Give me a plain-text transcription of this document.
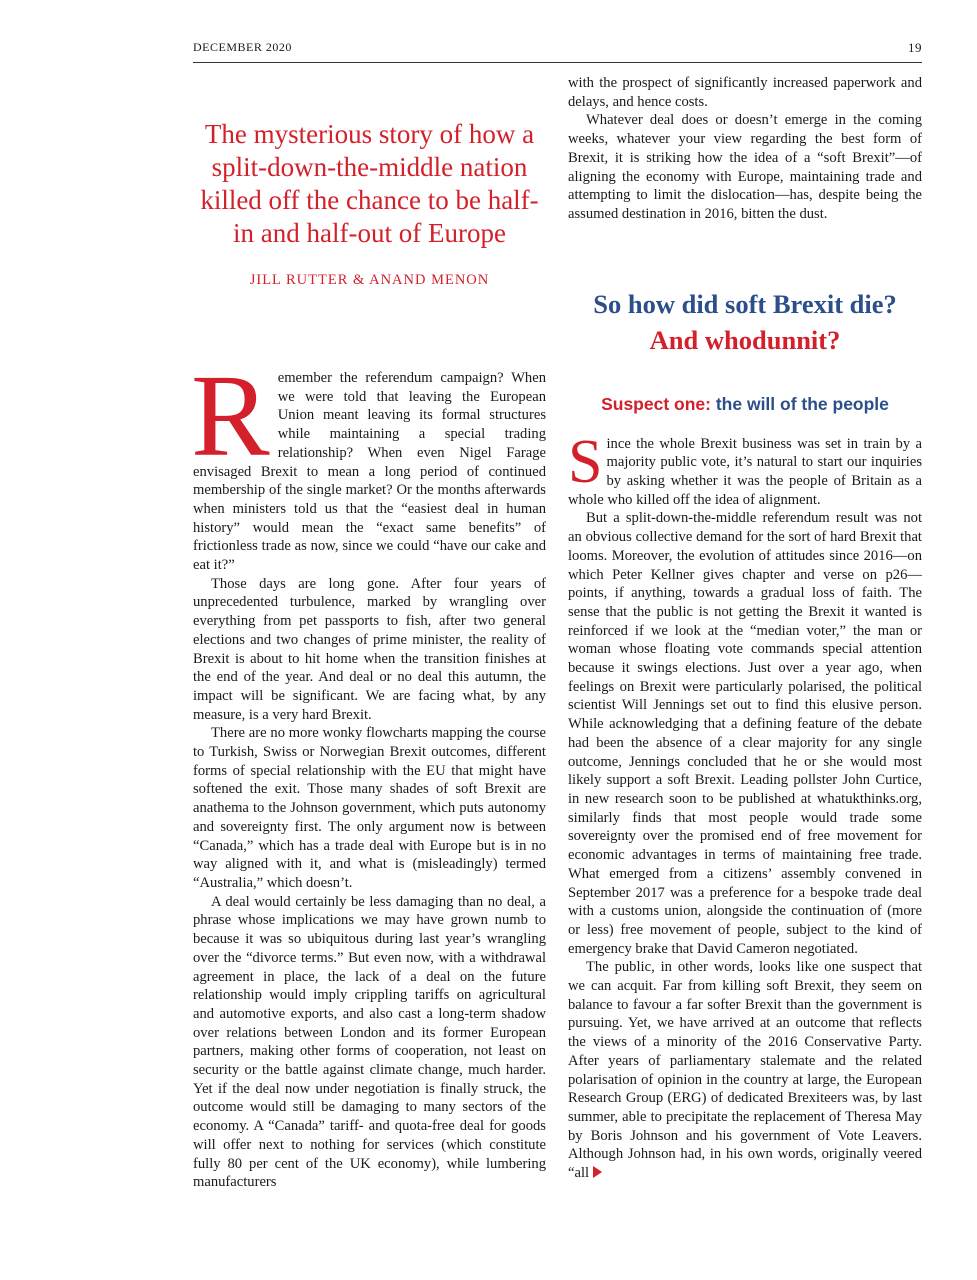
DECEMBER 2020	19
The mysterious story of how a split-down-the-middle nation killed off the chance to be half-in and half-out of Europe
JILL RUTTER & ANAND MENON

Remember the referendum campaign? When we were told that leaving the European Union meant leaving its formal structures while maintaining a special trading relationship? When even Nigel Farage envisaged Brexit to mean a long period of continued membership of the single market? Or the months afterwards when ministers told us that the “easiest deal in human history” would mean the “exact same benefits” of frictionless trade as now, since we could “have our cake and eat it?”

Those days are long gone. After four years of unprecedented turbulence, marked by wrangling over everything from pet passports to fish, after two general elections and two changes of prime minister, the reality of Brexit is about to hit home when the transition finishes at the end of the year. And deal or no deal this autumn, the impact will be significant. We are facing what, by any measure, is a very hard Brexit.

There are no more wonky flowcharts mapping the course to Turkish, Swiss or Norwegian Brexit outcomes, different forms of special relationship with the EU that might have softened the exit. Those many shades of soft Brexit are anathema to the Johnson government, which puts autonomy and sovereignty first. The only argument now is between “Canada,” which has a trade deal with Europe but is in no way aligned with it, and what is (misleadingly) termed “Australia,” which doesn’t.

A deal would certainly be less damaging than no deal, a phrase whose implications we may have grown numb to because it was so ubiquitous during last year’s wrangling over the “divorce terms.” But even now, with a withdrawal agreement in place, the lack of a deal on the future relationship would imply crippling tariffs on agricultural and automotive exports, and also cast a long-term shadow over relations between London and its former European partners, making other forms of cooperation, not least on security or the battle against climate change, much harder. Yet if the deal now under negotiation is finally struck, the outcome would still be damaging to many sectors of the economy. A “Canada” tariff- and quota-free deal for goods will offer next to nothing for services (which constitute fully 80 per cent of the UK economy), while lumbering manufacturers

with the prospect of significantly increased paperwork and delays, and hence costs.

Whatever deal does or doesn’t emerge in the coming weeks, whatever your view regarding the best form of Brexit, it is striking how the idea of a “soft Brexit”—of aligning the economy with Europe, maintaining trade and attempting to limit the dislocation—has, despite being the assumed destination in 2016, bitten the dust.

So how did soft Brexit die?
And whodunnit?
Suspect one: the will of the people

Since the whole Brexit business was set in train by a majority public vote, it’s natural to start our inquiries by asking whether it was the people of Britain as a whole who killed off the idea of alignment.

But a split-down-the-middle referendum result was not an obvious collective demand for the sort of hard Brexit that looms. Moreover, the evolution of attitudes since 2016—on which Peter Kellner gives chapter and verse on p26—points, if anything, towards a gradual loss of faith. The sense that the public is not getting the Brexit it wanted is reinforced if we look at the “median voter,” the man or woman whose floating vote commands special attention because it swings elections. Just over a year ago, when feelings on Brexit were particularly polarised, the political scientist Will Jennings set out to find this elusive person. While acknowledging that a defining feature of the debate had been the absence of a clear majority for any single outcome, Jennings concluded that he or she would most likely support a soft Brexit. Leading pollster John Curtice, in new research soon to be published at whatukthinks.org, similarly finds that most people would trade some sovereignty over the promised end of free movement for economic advantages in terms of maintaining free trade. What emerged from a citizens’ assembly convened in September 2017 was a preference for a bespoke trade deal with a customs union, alongside the continuation of (more or less) free movement of people, subject to the kind of emergency brake that David Cameron negotiated.

The public, in other words, looks like one suspect that we can acquit. Far from killing soft Brexit, they seem on balance to favour a far softer Brexit than the government is pursuing. Yet, we have arrived at an outcome that reflects the views of a minority of the 2016 Conservative Party. After years of parliamentary stalemate and the related polarisation of opinion in the country at large, the European Research Group (ERG) of dedicated Brexiteers was, by last summer, able to precipitate the replacement of Theresa May by Boris Johnson and his government of Vote Leavers. Although Johnson had, in his own words, originally veered “all
